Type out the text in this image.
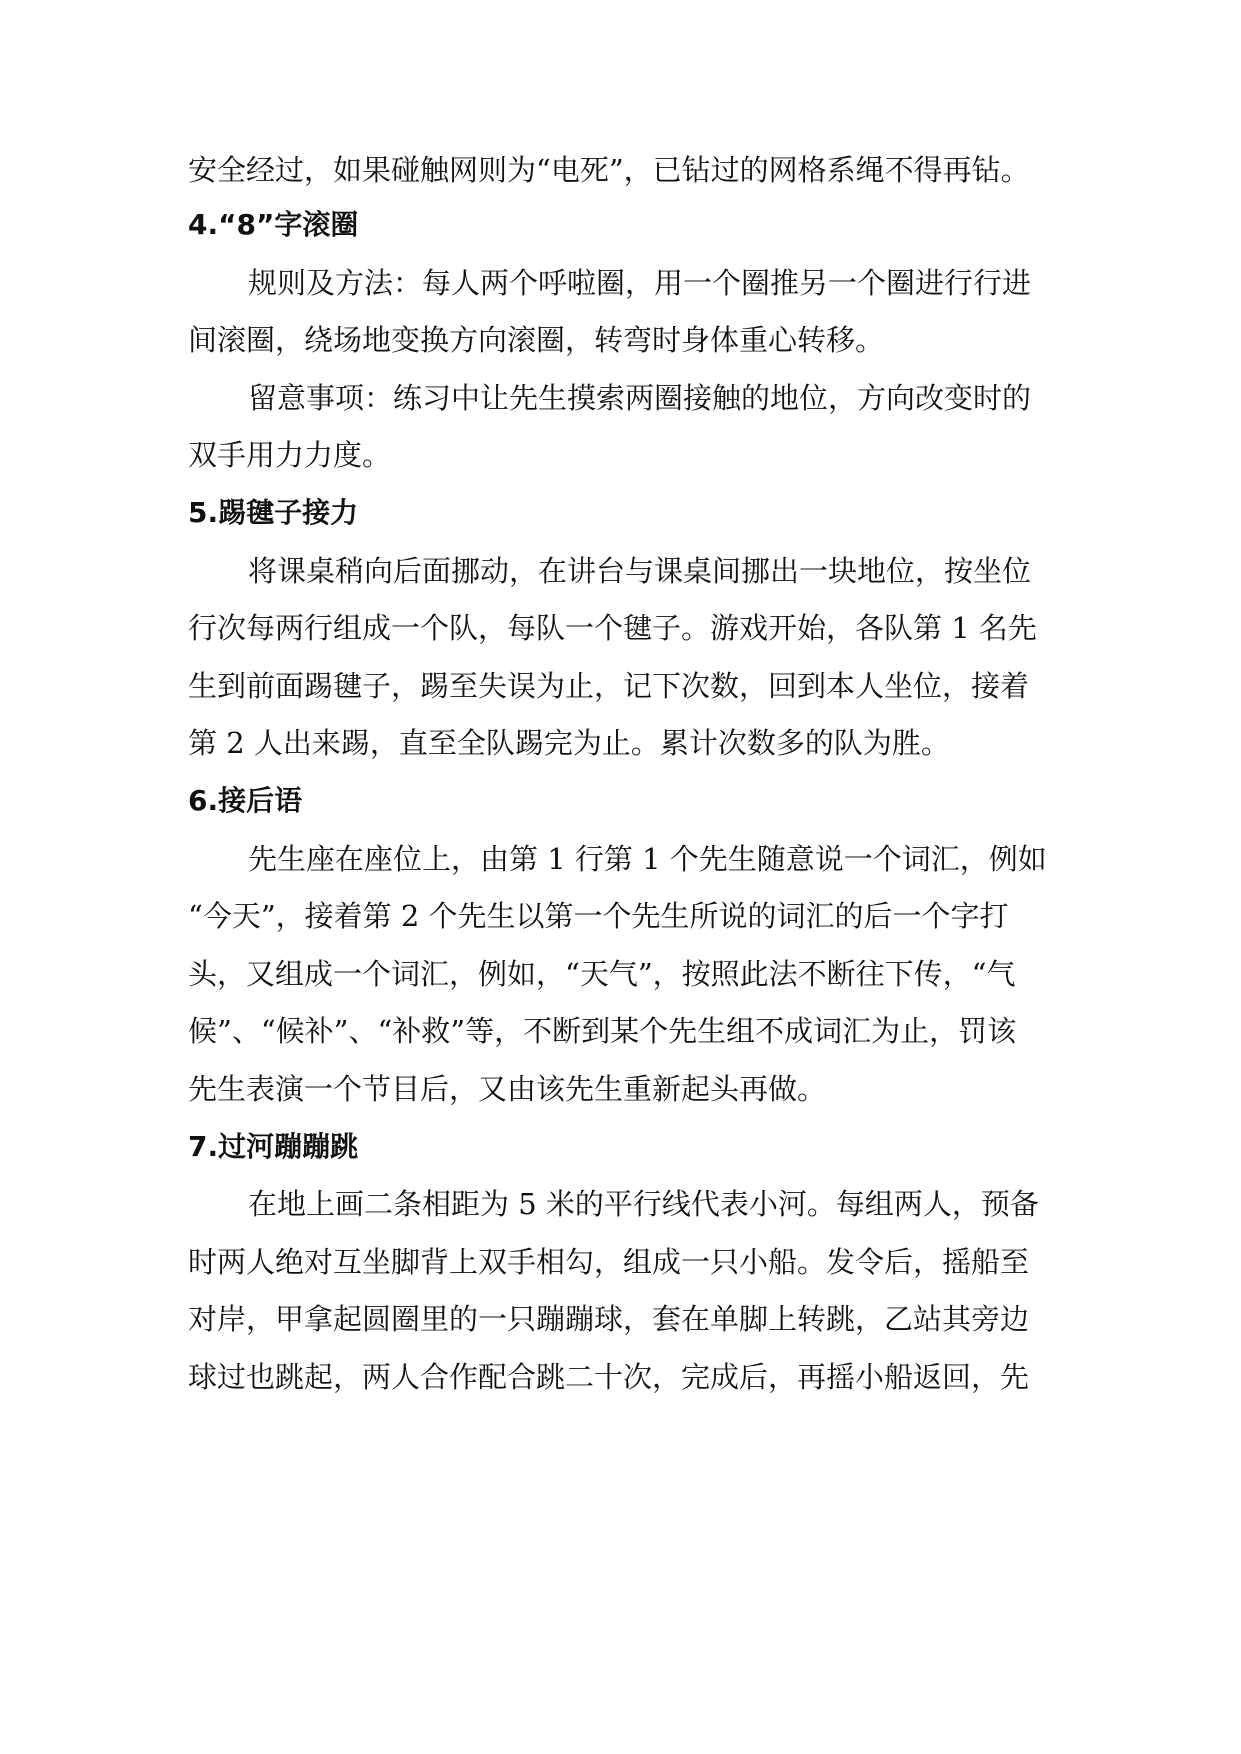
安全经过，如果碰触网则为“电死”，已钻过的网格系绳不得再钻。
4.“8”字滚圈
规则及方法：每人两个呼啦圈，用一个圈推另一个圈进行行进
间滚圈，绕场地变换方向滚圈，转弯时身体重心转移。
留意事项：练习中让先生摸索两圈接触的地位，方向改变时的
双手用力力度。
5.踢毽子接力
将课桌稍向后面挪动，在讲台与课桌间挪出一块地位，按坐位
行次每两行组成一个队，每队一个毽子。游戏开始，各队第 1 名先
生到前面踢毽子，踢至失误为止，记下次数，回到本人坐位，接着
第 2 人出来踢，直至全队踢完为止。累计次数多的队为胜。
6.接后语
先生座在座位上，由第 1 行第 1 个先生随意说一个词汇，例如
“今天”，接着第 2 个先生以第一个先生所说的词汇的后一个字打
头，又组成一个词汇，例如，“天气”，按照此法不断往下传，“气
候”、“候补”、“补救”等，不断到某个先生组不成词汇为止，罚该
先生表演一个节目后，又由该先生重新起头再做。
7.过河蹦蹦跳
在地上画二条相距为 5 米的平行线代表小河。每组两人，预备
时两人绝对互坐脚背上双手相勾，组成一只小船。发令后，摇船至
对岸，甲拿起圆圈里的一只蹦蹦球，套在单脚上转跳，乙站其旁边
球过也跳起，两人合作配合跳二十次，完成后，再摇小船返回，先
